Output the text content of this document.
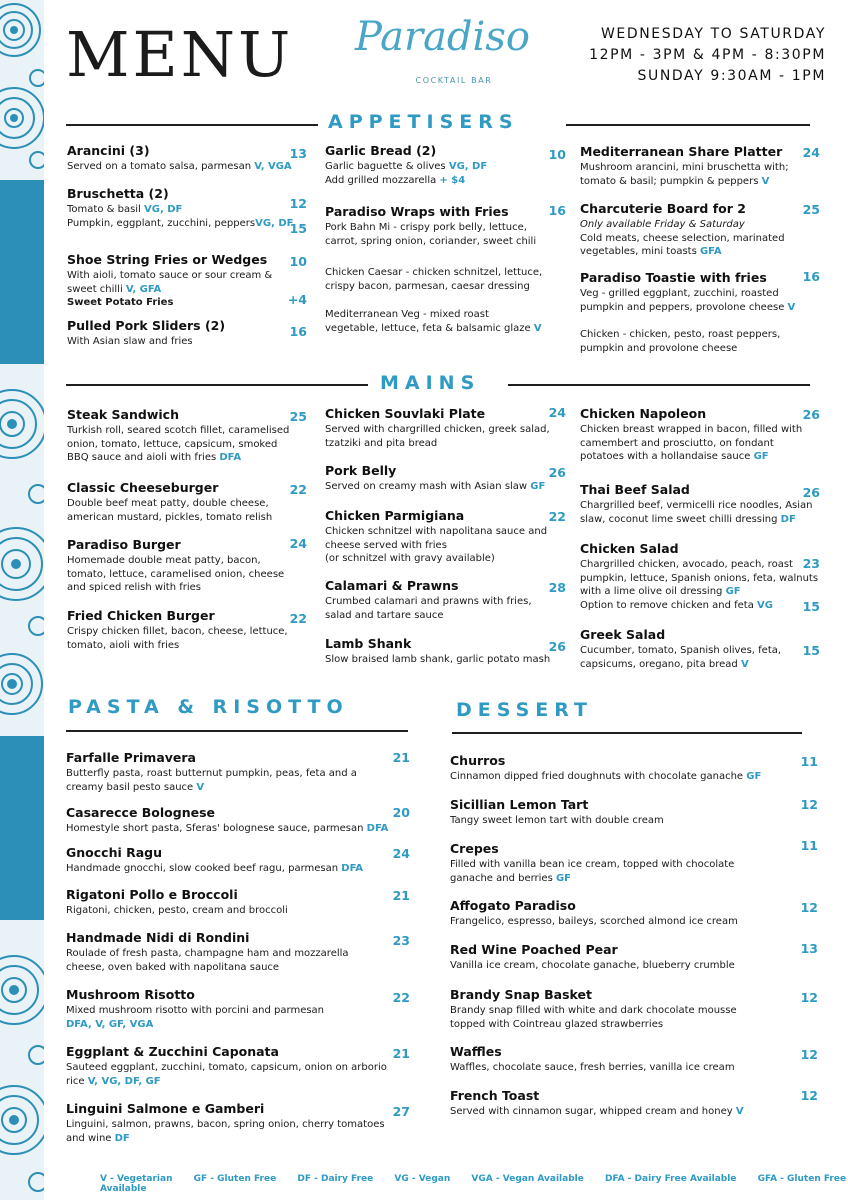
MENU Paradiso
COCKTAIL BAR
WEDNESDAY TO SATURDAY
12PM - 3PM & 4PM - 8:30PM
SUNDAY 9:30AM - 1PM
APPETISERS
MAINS
PASTA & RISOTTO	DESSERT
Arancini (3)
Served on a tomato salsa, parmesan V, VGA
13
Bruschetta (2)
Tomato & basil VG, DF
Pumpkin, eggplant, zucchini, peppersVG, DF
12
Shoe String Fries or Wedges
With aioli, tomato sauce or sour cream &
sweet chilli V, GFA
Sweet Potato Fries
10
Pulled Pork Sliders (2)
With Asian slaw and fries
16
15
+4
Garlic Bread (2)
Garlic baguette & olives VG, DF
Add grilled mozzarella + $4
10
Paradiso Wraps with Fries
Pork Bahn Mi - crispy pork belly, lettuce,
carrot, spring onion, coriander, sweet chili
16
Chicken Caesar - chicken schnitzel, lettuce,
crispy bacon, parmesan, caesar dressing
Mediterranean Veg - mixed roast
vegetable, lettuce, feta & balsamic glaze V
Mediterranean Share Platter
Mushroom arancini, mini bruschetta with;
tomato & basil; pumpkin & peppers V
24
Charcuterie Board for 2
Only available Friday & Saturday
Cold meats, cheese selection, marinated
vegetables, mini toasts GFA
25
Paradiso Toastie with fries
Veg - grilled eggplant, zucchini, roasted
pumpkin and peppers, provolone cheese V
16
Chicken - chicken, pesto, roast peppers,
pumpkin and provolone cheese
Steak Sandwich
Turkish roll, seared scotch fillet, caramelised
onion, tomato, lettuce, capsicum, smoked
BBQ sauce and aioli with fries DFA
25
Classic Cheeseburger
Double beef meat patty, double cheese,
american mustard, pickles, tomato relish
22
Paradiso Burger
Homemade double meat patty, bacon,
tomato, lettuce, caramelised onion, cheese
and spiced relish with fries
24
Fried Chicken Burger
Crispy chicken fillet, bacon, cheese, lettuce,
tomato, aioli with fries
22
Chicken Souvlaki Plate
Served with chargrilled chicken, greek salad,
tzatziki and pita bread
24
Pork Belly
Served on creamy mash with Asian slaw GF
26
Chicken Parmigiana
Chicken schnitzel with napolitana sauce and
cheese served with fries
(or schnitzel with gravy available)
22
Calamari & Prawns
Crumbed calamari and prawns with fries,
salad and tartare sauce
28
Lamb Shank
Slow braised lamb shank, garlic potato mash
26
Chicken Napoleon
Chicken breast wrapped in bacon, filled with
camembert and prosciutto, on fondant
potatoes with a hollandaise sauce GF
26
Thai Beef Salad
Chargrilled beef, vermicelli rice noodles, Asian
slaw, coconut lime sweet chilli dressing DF
26
Chicken Salad
Chargrilled chicken, avocado, peach, roast
pumpkin, lettuce, Spanish onions, feta, walnuts
with a lime olive oil dressing GF
Option to remove chicken and feta VG
23
Greek Salad
Cucumber, tomato, Spanish olives, feta,
capsicums, oregano, pita bread V
15
15
Farfalle Primavera
Butterfly pasta, roast butternut pumpkin, peas, feta and a
creamy basil pesto sauce V
21
Casarecce Bolognese
Homestyle short pasta, Sferas' bolognese sauce, parmesan DFA
20
Gnocchi Ragu
Handmade gnocchi, slow cooked beef ragu, parmesan DFA
24
Rigatoni Pollo e Broccoli
Rigatoni, chicken, pesto, cream and broccoli
21
Handmade Nidi di Rondini
Roulade of fresh pasta, champagne ham and mozzarella
cheese, oven baked with napolitana sauce
23
Mushroom Risotto
Mixed mushroom risotto with porcini and parmesan
DFA, V, GF, VGA
22
Eggplant & Zucchini Caponata
Sauteed eggplant, zucchini, tomato, capsicum, onion on arborio
rice V, VG, DF, GF
21
Linguini Salmone e Gamberi
Linguini, salmon, prawns, bacon, spring onion, cherry tomatoes
and wine DF
27
Churros
Cinnamon dipped fried doughnuts with chocolate ganache GF
11
Sicillian Lemon Tart
Tangy sweet lemon tart with double cream
12
Crepes
Filled with vanilla bean ice cream, topped with chocolate
ganache and berries GF
11
Affogato Paradiso
Frangelico, espresso, baileys, scorched almond ice cream
12
Red Wine Poached Pear
Vanilla ice cream, chocolate ganache, blueberry crumble
13
Brandy Snap Basket
Brandy snap filled with white and dark chocolate mousse
topped with Cointreau glazed strawberries
12
Waffles
Waffles, chocolate sauce, fresh berries, vanilla ice cream
12
French Toast
Served with cinnamon sugar, whipped cream and honey V
12
V - Vegetarian GF - Gluten Free DF - Dairy Free VG - Vegan VGA - Vegan Available DFA - Dairy Free Available GFA - Gluten Free Available
